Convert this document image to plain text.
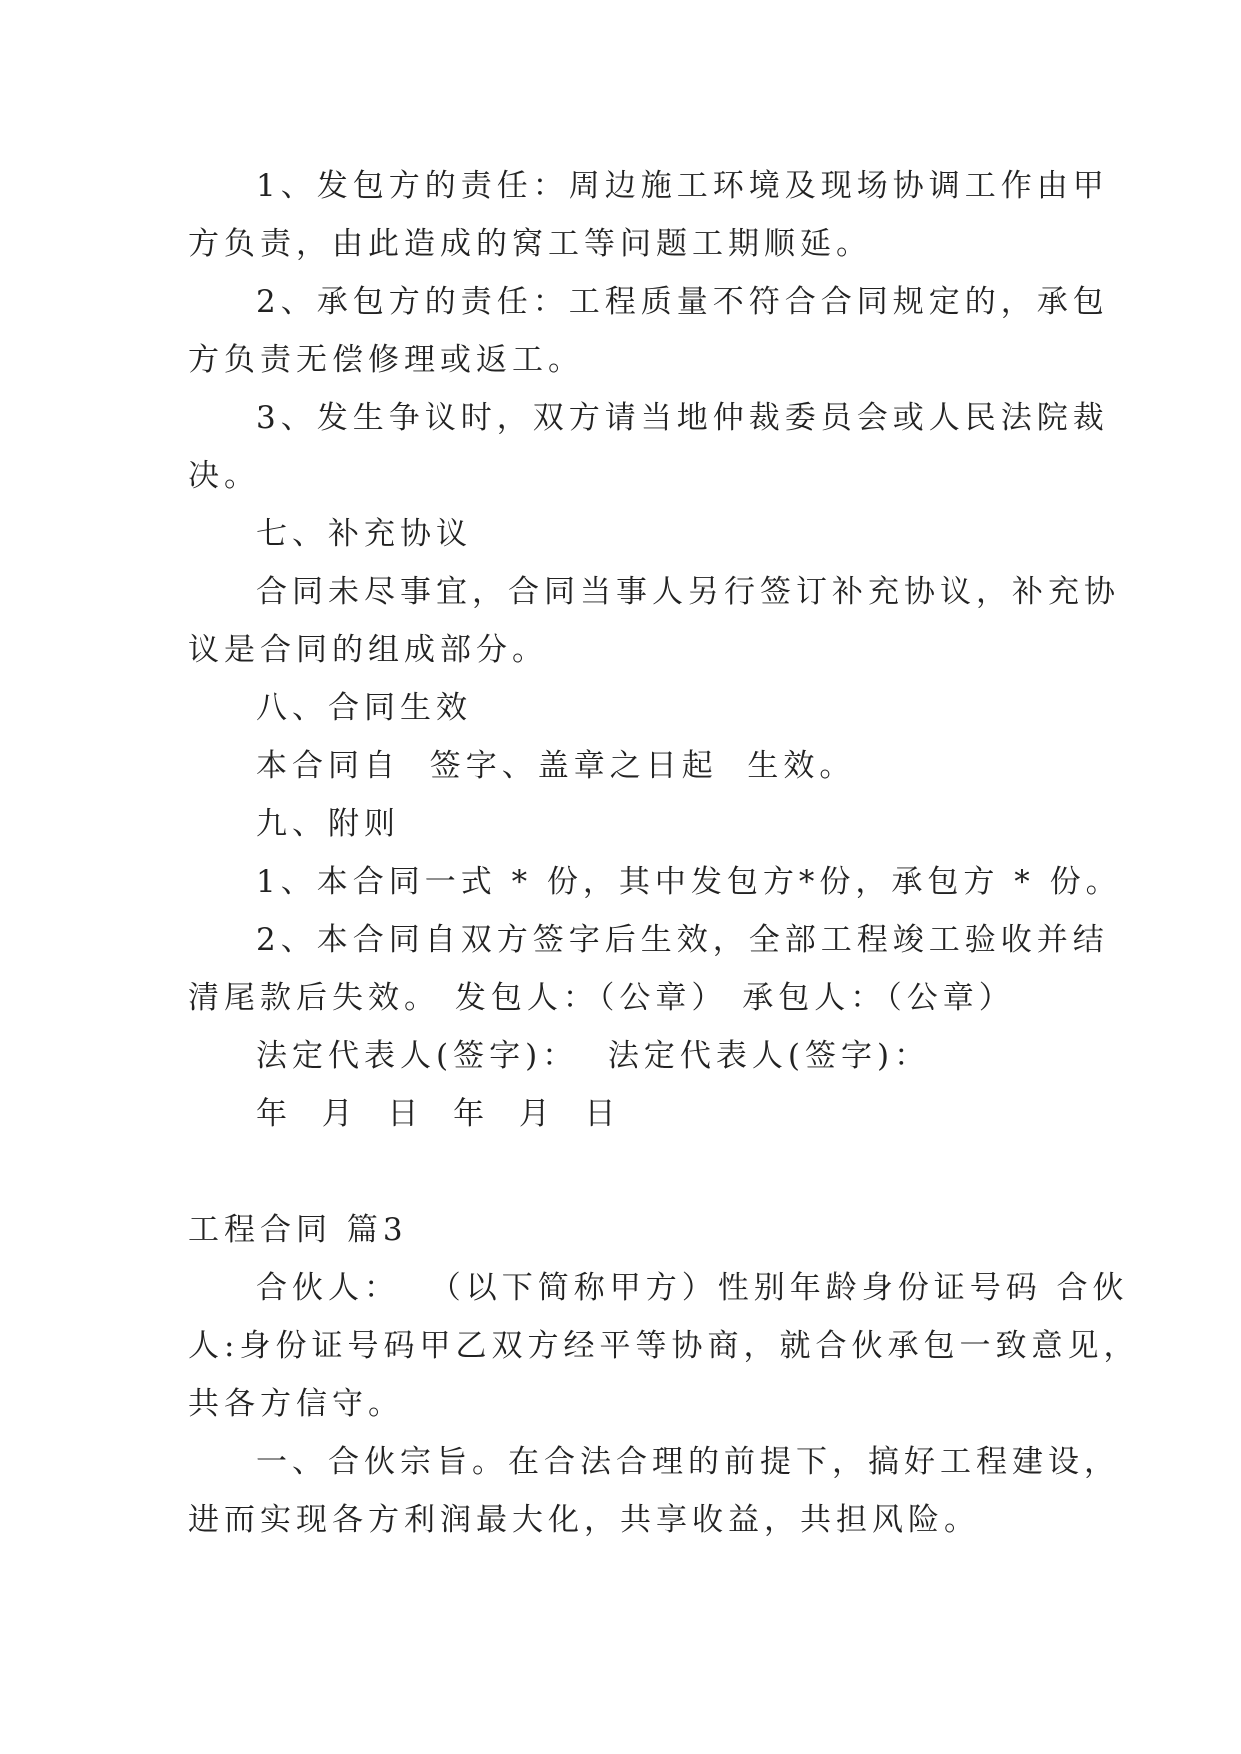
1、发包方的责任：周边施工环境及现场协调工作由甲
方负责，由此造成的窝工等问题工期顺延。
2、承包方的责任：工程质量不符合合同规定的，承包
方负责无偿修理或返工。
3、发生争议时，双方请当地仲裁委员会或人民法院裁
决。
七、补充协议
合同未尽事宜，合同当事人另行签订补充协议，补充协
议是合同的组成部分。
八、合同生效
本合同自  签字、盖章之日起  生效。
九、附则
1、本合同一式 * 份，其中发包方*份，承包方 * 份。
2、本合同自双方签字后生效，全部工程竣工验收并结
清尾款后失效。 发包人：（公章） 承包人：（公章）
法定代表人(签字)：  法定代表人(签字)：
年  月  日  年  月  日
工程合同 篇3
合伙人：  （以下简称甲方）性别年龄身份证号码 合伙
人:身份证号码甲乙双方经平等协商，就合伙承包一致意见，
共各方信守。
一、合伙宗旨。在合法合理的前提下，搞好工程建设，
进而实现各方利润最大化，共享收益，共担风险。
